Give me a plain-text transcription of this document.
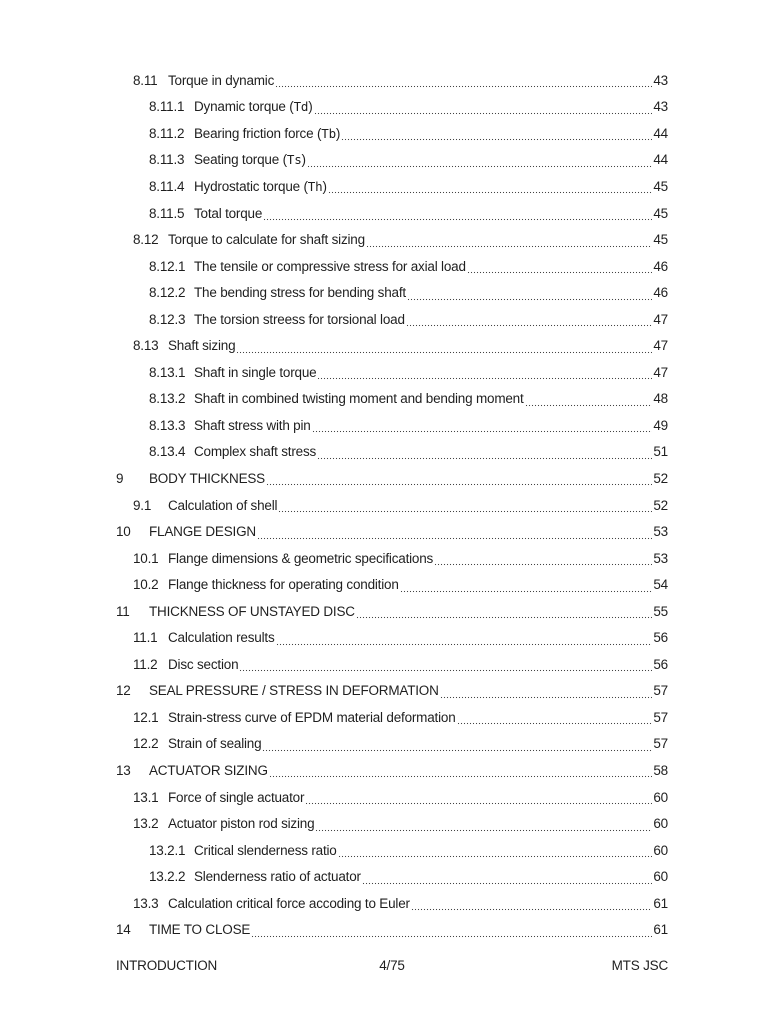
8.11 Torque in dynamic	43
8.11.1 Dynamic torque (Td)	43
8.11.2 Bearing friction force (Tb)	44
8.11.3 Seating torque (Ts)	44
8.11.4 Hydrostatic torque (Th)	45
8.11.5 Total torque	45
8.12 Torque to calculate for shaft sizing	45
8.12.1 The tensile or compressive stress for axial load	46
8.12.2 The bending stress for bending shaft	46
8.12.3 The torsion streess for torsional load	47
8.13 Shaft sizing	47
8.13.1 Shaft in single torque	47
8.13.2 Shaft in combined twisting moment and bending moment	48
8.13.3 Shaft stress with pin	49
8.13.4 Complex shaft stress	51
9 BODY THICKNESS	52
9.1 Calculation of shell	52
10 FLANGE DESIGN	53
10.1 Flange dimensions & geometric specifications	53
10.2 Flange thickness for operating condition	54
11 THICKNESS OF UNSTAYED DISC	55
11.1 Calculation results	56
11.2 Disc section	56
12 SEAL PRESSURE / STRESS IN DEFORMATION	57
12.1 Strain-stress curve of EPDM material deformation	57
12.2 Strain of sealing	57
13 ACTUATOR SIZING	58
13.1 Force of single actuator	60
13.2 Actuator piston rod sizing	60
13.2.1 Critical slenderness ratio	60
13.2.2 Slenderness ratio of actuator	60
13.3 Calculation critical force accoding to Euler	61
14 TIME TO CLOSE	61
INTRODUCTION	4/75	MTS JSC
